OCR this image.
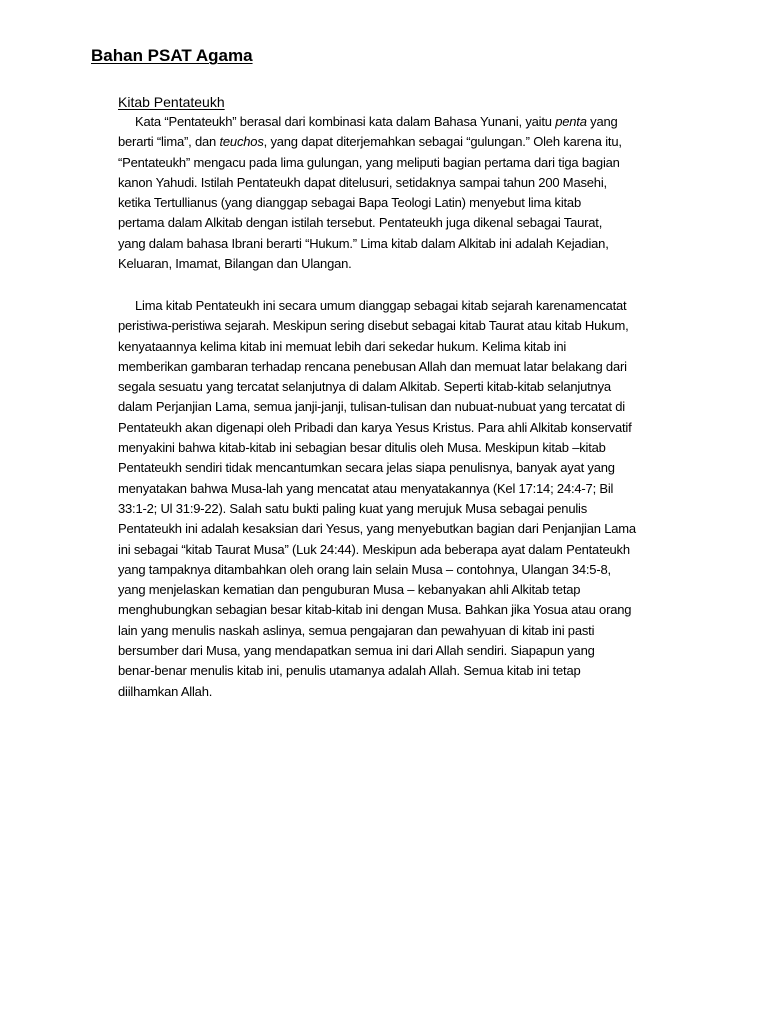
Bahan PSAT Agama
Kitab Pentateukh

Kata “Pentateukh” berasal dari kombinasi kata dalam Bahasa Yunani, yaitu penta yang
berarti “lima”, dan teuchos, yang dapat diterjemahkan sebagai “gulungan.” Oleh karena itu,
“Pentateukh” mengacu pada lima gulungan, yang meliputi bagian pertama dari tiga bagian
kanon Yahudi. Istilah Pentateukh dapat ditelusuri, setidaknya sampai tahun 200 Masehi,
ketika Tertullianus (yang dianggap sebagai Bapa Teologi Latin) menyebut lima kitab
pertama dalam Alkitab dengan istilah tersebut. Pentateukh juga dikenal sebagai Taurat,
yang dalam bahasa Ibrani berarti “Hukum.” Lima kitab dalam Alkitab ini adalah Kejadian,
Keluaran, Imamat, Bilangan dan Ulangan.

Lima kitab Pentateukh ini secara umum dianggap sebagai kitab sejarah karenamencatat
peristiwa-peristiwa sejarah. Meskipun sering disebut sebagai kitab Taurat atau kitab Hukum,
kenyataannya kelima kitab ini memuat lebih dari sekedar hukum. Kelima kitab ini
memberikan gambaran terhadap rencana penebusan Allah dan memuat latar belakang dari
segala sesuatu yang tercatat selanjutnya di dalam Alkitab. Seperti kitab-kitab selanjutnya
dalam Perjanjian Lama, semua janji-janji, tulisan-tulisan dan nubuat-nubuat yang tercatat di
Pentateukh akan digenapi oleh Pribadi dan karya Yesus Kristus. Para ahli Alkitab konservatif
menyakini bahwa kitab-kitab ini sebagian besar ditulis oleh Musa. Meskipun kitab –kitab
Pentateukh sendiri tidak mencantumkan secara jelas siapa penulisnya, banyak ayat yang
menyatakan bahwa Musa-lah yang mencatat atau menyatakannya (Kel 17:14; 24:4-7; Bil
33:1-2; Ul 31:9-22). Salah satu bukti paling kuat yang merujuk Musa sebagai penulis
Pentateukh ini adalah kesaksian dari Yesus, yang menyebutkan bagian dari Penjanjian Lama
ini sebagai “kitab Taurat Musa” (Luk 24:44). Meskipun ada beberapa ayat dalam Pentateukh
yang tampaknya ditambahkan oleh orang lain selain Musa – contohnya, Ulangan 34:5-8,
yang menjelaskan kematian dan penguburan Musa – kebanyakan ahli Alkitab tetap
menghubungkan sebagian besar kitab-kitab ini dengan Musa. Bahkan jika Yosua atau orang
lain yang menulis naskah aslinya, semua pengajaran dan pewahyuan di kitab ini pasti
bersumber dari Musa, yang mendapatkan semua ini dari Allah sendiri. Siapapun yang
benar-benar menulis kitab ini, penulis utamanya adalah Allah. Semua kitab ini tetap
diilhamkan Allah.
